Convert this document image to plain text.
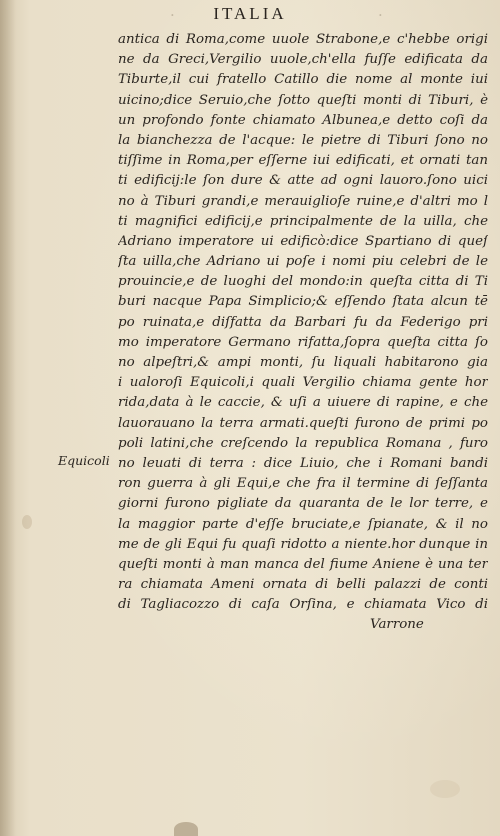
·	·
ITALIA
Equicoli
antica di Roma,come uuole Strabone,e c'hebbe origi
ne da Greci,Vergilio uuole,ch'ella fuſſe edificata da
Tiburte,il cui fratello Catillo die nome al monte iui
uicino;dice Seruio,che ſotto queſti monti di Tiburi, è
un profondo fonte chiamato Albunea,e detto coſi da
la bianchezza de l'acque: le pietre di Tiburi ſono no
tiſſime in Roma,per eſſerne iui edificati, et ornati tan
ti edificij:le ſon dure & atte ad ogni lauoro.ſono uici
no à Tiburi grandi,e merauiglioſe ruine,e d'altri mo l
ti magnifici edificij,e principalmente de la uilla, che
Adriano imperatore ui edificò:dice Spartiano di queſ
ſta uilla,che Adriano ui poſe i nomi piu celebri de le
prouincie,e de luoghi del mondo:in queſta citta di Ti
buri nacque Papa Simplicio;& eſſendo ſtata alcun tē
po ruinata,e diſfatta da Barbari fu da Federigo pri
mo imperatore Germano rifatta,ſopra queſta citta ſo
no alpeſtri,& ampi monti, ſu liquali habitarono gia
i ualoroſi Equicoli,i quali Vergilio chiama gente hor
rida,data à le caccie, & uſi a uiuere di rapine, e che
lauorauano la terra armati.queſti furono de primi po
poli latini,che creſcendo la republica Romana , furo
no leuati di terra : dice Liuio, che i Romani bandi
ron guerra à gli Equi,e che fra il termine di ſeſſanta
giorni furono pigliate da quaranta de le lor terre, e
la maggior parte d'eſſe bruciate,e ſpianate, & il no
me de gli Equi fu quaſi ridotto a niente.hor dunque in
queſti monti à man manca del fiume Aniene è una ter
ra chiamata Ameni ornata di belli palazzi de conti
di Tagliacozzo di caſa Orſina, e chiamata Vico di
Varrone
